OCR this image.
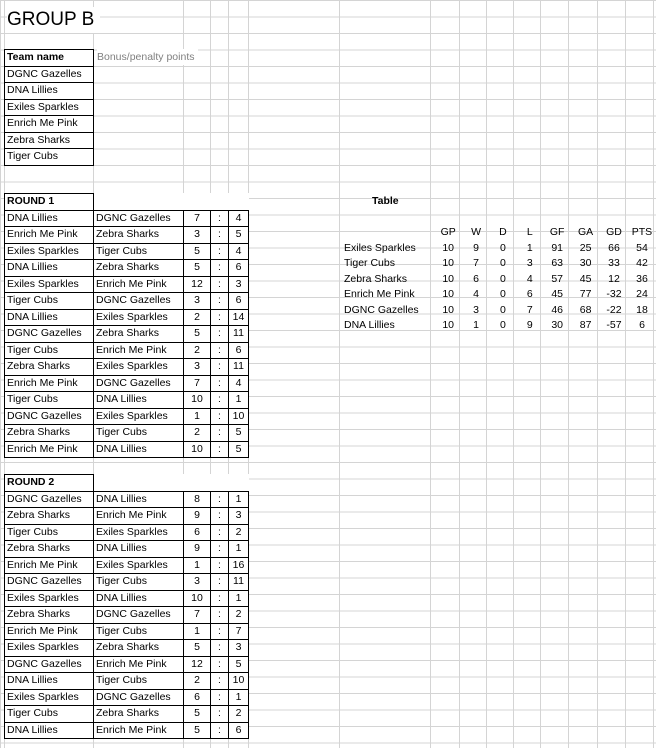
GROUP B
Team name
DGNC Gazelles
DNA Lillies
Exiles Sparkles
Enrich Me Pink
Zebra Sharks
Tiger Cubs
Bonus/penalty points
ROUND 1				
DNA Lillies	DGNC Gazelles	7	:	4
Enrich Me Pink	Zebra Sharks	3	:	5
Exiles Sparkles	Tiger Cubs	5	:	4
DNA Lillies	Zebra Sharks	5	:	6
Exiles Sparkles	Enrich Me Pink	12	:	3
Tiger Cubs	DGNC Gazelles	3	:	6
DNA Lillies	Exiles Sparkles	2	:	14
DGNC Gazelles	Zebra Sharks	5	:	11
Tiger Cubs	Enrich Me Pink	2	:	6
Zebra Sharks	Exiles Sparkles	3	:	11
Enrich Me Pink	DGNC Gazelles	7	:	4
Tiger Cubs	DNA Lillies	10	:	1
DGNC Gazelles	Exiles Sparkles	1	:	10
Zebra Sharks	Tiger Cubs	2	:	5
Enrich Me Pink	DNA Lillies	10	:	5
ROUND 2				
DGNC Gazelles	DNA Lillies	8	:	1
Zebra Sharks	Enrich Me Pink	9	:	3
Tiger Cubs	Exiles Sparkles	6	:	2
Zebra Sharks	DNA Lillies	9	:	1
Enrich Me Pink	Exiles Sparkles	1	:	16
DGNC Gazelles	Tiger Cubs	3	:	11
Exiles Sparkles	DNA Lillies	10	:	1
Zebra Sharks	DGNC Gazelles	7	:	2
Enrich Me Pink	Tiger Cubs	1	:	7
Exiles Sparkles	Zebra Sharks	5	:	3
DGNC Gazelles	Enrich Me Pink	12	:	5
DNA Lillies	Tiger Cubs	2	:	10
Exiles Sparkles	DGNC Gazelles	6	:	1
Tiger Cubs	Zebra Sharks	5	:	2
DNA Lillies	Enrich Me Pink	5	:	6
Table
	GP	W	D	L	GF	GA	GD	PTS
Exiles Sparkles	10	9	0	1	91	25	66	54
Tiger Cubs	10	7	0	3	63	30	33	42
Zebra Sharks	10	6	0	4	57	45	12	36
Enrich Me Pink	10	4	0	6	45	77	-32	24
DGNC Gazelles	10	3	0	7	46	68	-22	18
DNA Lillies	10	1	0	9	30	87	-57	6
